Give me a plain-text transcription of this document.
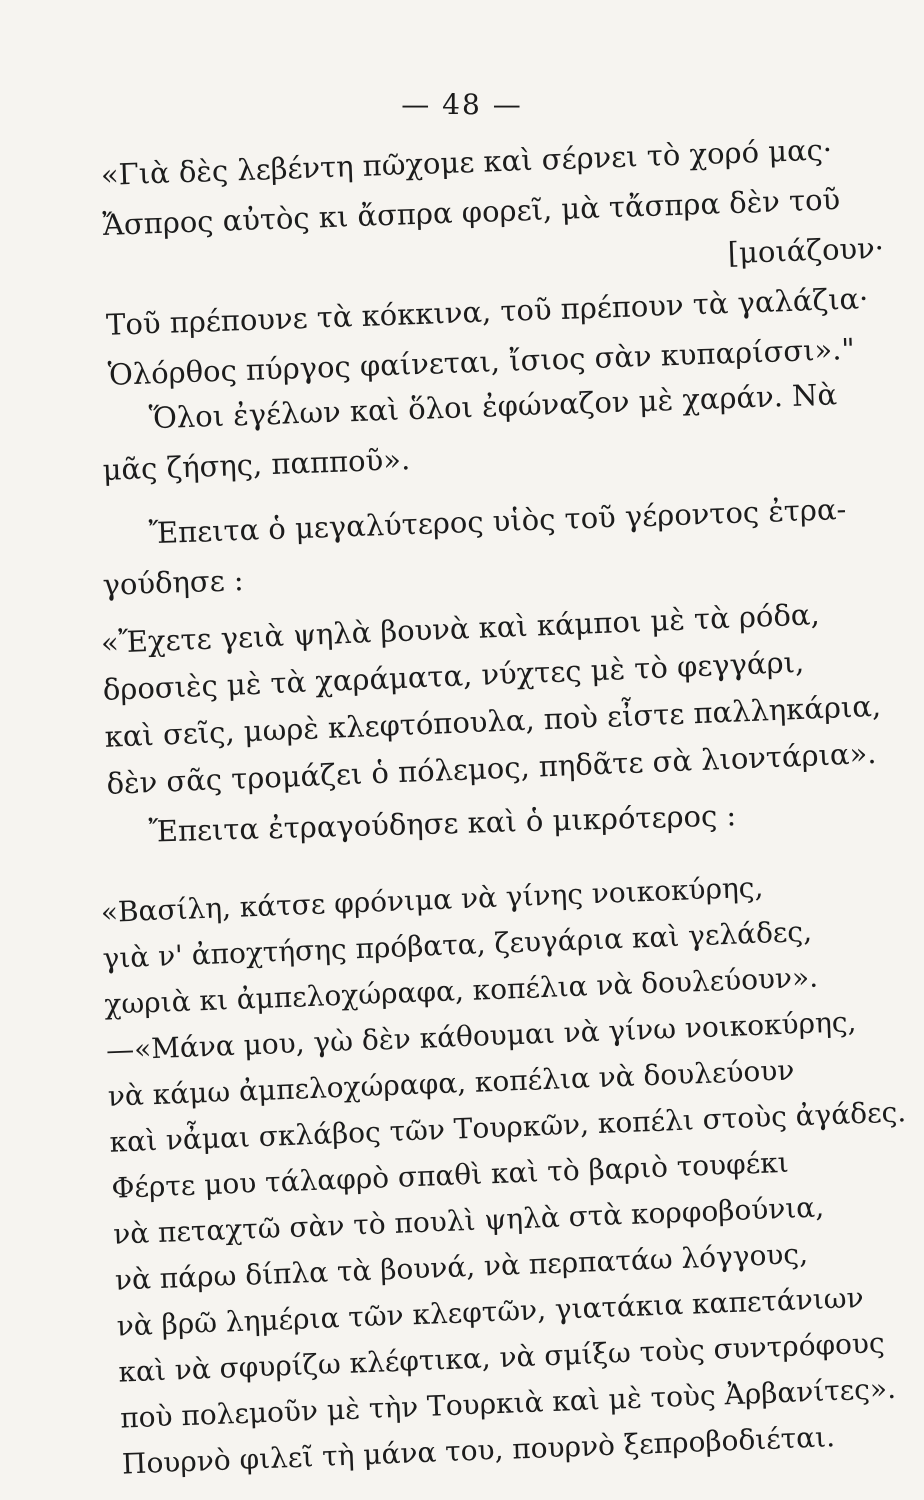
— 48 —
«Γιὰ δὲς λεβέντη πῶχομε καὶ σέρνει τὸ χορό μας·
Ἄσπρος αὐτὸς κι ἄσπρα φορεῖ, μὰ τἄσπρα δὲν τοῦ
[μοιάζουν·
Τοῦ πρέπουνε τὰ κόκκινα, τοῦ πρέπουν τὰ γαλάζια·
Ὁλόρθος πύργος φαίνεται, ἴσιος σὰν κυπαρίσσι»."
Ὅλοι ἐγέλων καὶ ὅλοι ἐφώναζον μὲ χαράν. Νὰ
μᾶς ζήσης, παπποῦ».
Ἔπειτα ὁ μεγαλύτερος υἱὸς τοῦ γέροντος ἐτρα-
γούδησε :
«Ἔχετε γειὰ ψηλὰ βουνὰ καὶ κάμποι μὲ τὰ ρόδα,
δροσιὲς μὲ τὰ χαράματα, νύχτες μὲ τὸ φεγγάρι,
καὶ σεῖς, μωρὲ κλεφτόπουλα, ποὺ εἶστε παλληκάρια,
δὲν σᾶς τρομάζει ὁ πόλεμος, πηδᾶτε σὰ λιοντάρια».
Ἔπειτα ἐτραγούδησε καὶ ὁ μικρότερος :
«Βασίλη, κάτσε φρόνιμα νὰ γίνης νοικοκύρης,
γιὰ ν' ἀποχτήσης πρόβατα, ζευγάρια καὶ γελάδες,
χωριὰ κι ἀμπελοχώραφα, κοπέλια νὰ δουλεύουν».
—«Μάνα μου, γὼ δὲν κάθουμαι νὰ γίνω νοικοκύρης,
νὰ κάμω ἀμπελοχώραφα, κοπέλια νὰ δουλεύουν
καὶ νἆμαι σκλάβος τῶν Τουρκῶν, κοπέλι στοὺς ἀγάδες.
Φέρτε μου τάλαφρὸ σπαθὶ καὶ τὸ βαριὸ τουφέκι
νὰ πεταχτῶ σὰν τὸ πουλὶ ψηλὰ στὰ κορφοβούνια,
νὰ πάρω δίπλα τὰ βουνά, νὰ περπατάω λόγγους,
νὰ βρῶ λημέρια τῶν κλεφτῶν, γιατάκια καπετάνιων
καὶ νὰ σφυρίζω κλέφτικα, νὰ σμίξω τοὺς συντρόφους
ποὺ πολεμοῦν μὲ τὴν Τουρκιὰ καὶ μὲ τοὺς Ἀρβανίτες».
Πουρνὸ φιλεῖ τὴ μάνα του, πουρνὸ ξεπροβοδιέται.
